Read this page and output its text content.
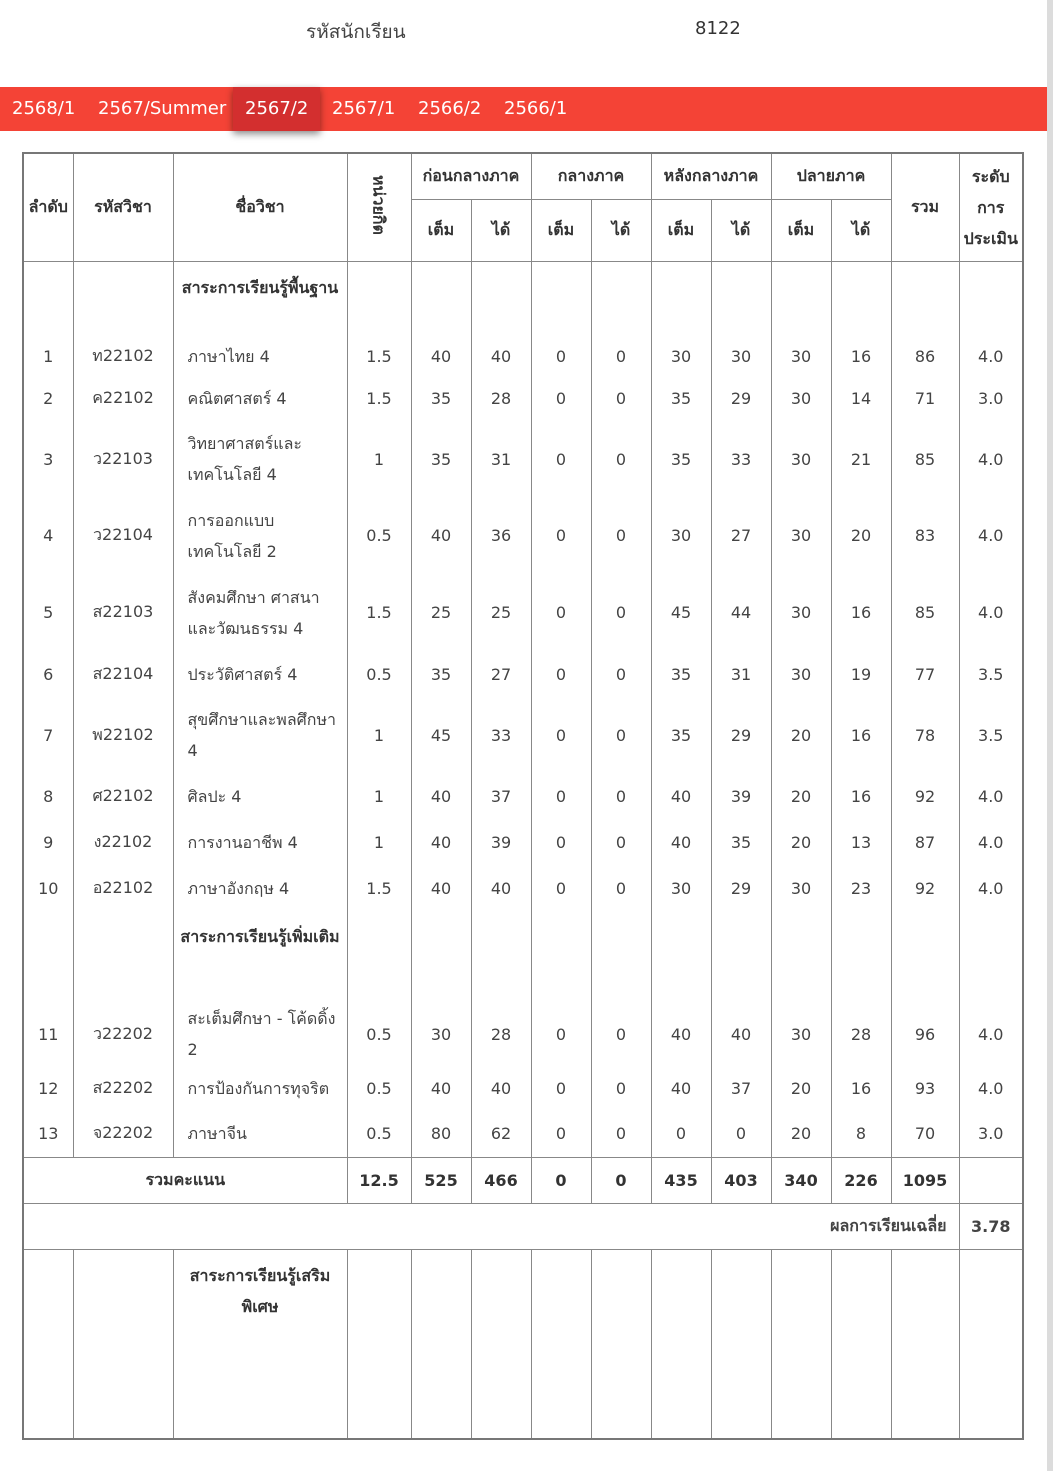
รหัสนักเรียน	8122
2568/1	2567/Summer	2567/2	2567/1	2566/2	2566/1
ลำดับ	รหัสวิชา	ชื่อวิชา	หน่วยกิต	ก่อนกลางภาค		กลางภาค		หลังกลางภาค		ปลายภาค		รวม	ระดับการประเมิน
				เต็ม	ได้	เต็ม	ได้	เต็ม	ได้	เต็ม	ได้		
		สาระการเรียนรู้พื้นฐาน											
1	ท22102	ภาษาไทย 4	1.5	40	40	0	0	30	30	30	16	86	4.0
2	ค22102	คณิตศาสตร์ 4	1.5	35	28	0	0	35	29	30	14	71	3.0
3	ว22103	วิทยาศาสตร์และเทคโนโลยี 4	1	35	31	0	0	35	33	30	21	85	4.0
4	ว22104	การออกแบบเทคโนโลยี 2	0.5	40	36	0	0	30	27	30	20	83	4.0
5	ส22103	สังคมศึกษา ศาสนาและวัฒนธรรม 4	1.5	25	25	0	0	45	44	30	16	85	4.0
6	ส22104	ประวัติศาสตร์ 4	0.5	35	27	0	0	35	31	30	19	77	3.5
7	พ22102	สุขศึกษาและพลศึกษา 4	1	45	33	0	0	35	29	20	16	78	3.5
8	ศ22102	ศิลปะ 4	1	40	37	0	0	40	39	20	16	92	4.0
9	ง22102	การงานอาชีพ 4	1	40	39	0	0	40	35	20	13	87	4.0
10	อ22102	ภาษาอังกฤษ 4	1.5	40	40	0	0	30	29	30	23	92	4.0
		สาระการเรียนรู้เพิ่มเติม											
11	ว22202	สะเต็มศึกษา - โค้ดดิ้ง 2	0.5	30	28	0	0	40	40	30	28	96	4.0
12	ส22202	การป้องกันการทุจริต	0.5	40	40	0	0	40	37	20	16	93	4.0
13	จ22202	ภาษาจีน	0.5	80	62	0	0	0	0	20	8	70	3.0
รวมคะแนน			12.5	525	466	0	0	435	403	340	226	1095	
ผลการเรียนเฉลี่ย													3.78
		สาระการเรียนรู้เสริมพิเศษ											
